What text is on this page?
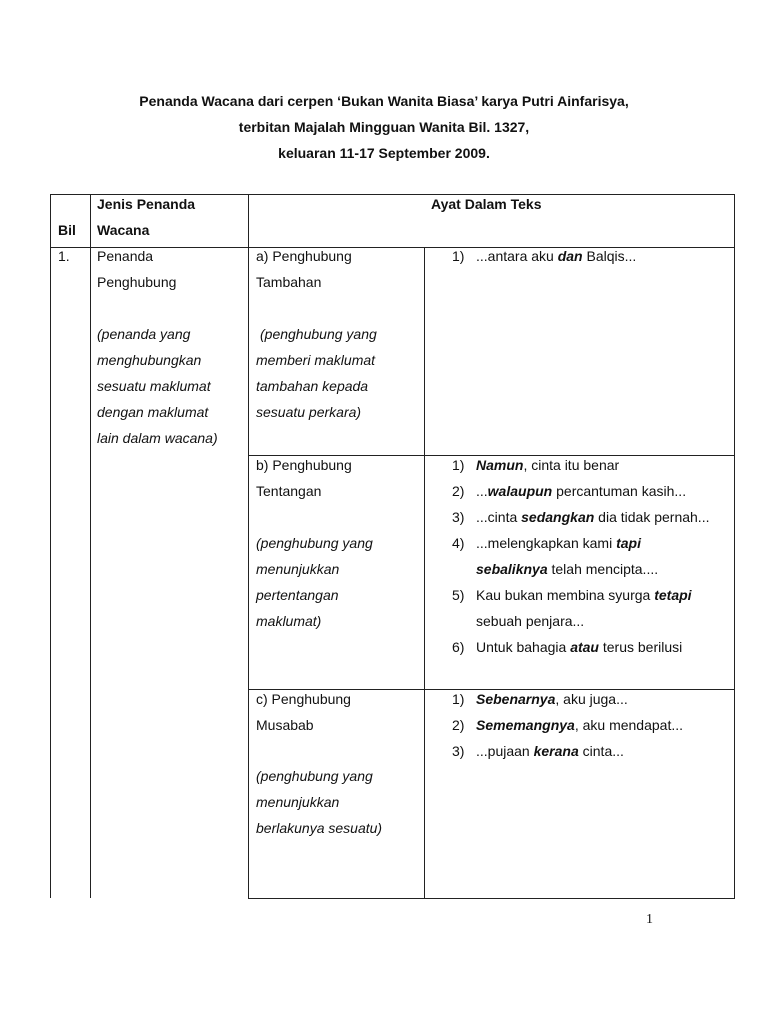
Penanda Wacana dari cerpen ‘Bukan Wanita Biasa’ karya Putri Ainfarisya,
terbitan Majalah Mingguan Wanita Bil. 1327,
keluaran 11-17 September 2009.
Bil
Jenis Penanda
Wacana
Ayat Dalam Teks
1. Penanda
Penghubung
(penanda yang
menghubungkan
sesuatu maklumat
dengan maklumat
lain dalam wacana)
a) Penghubung
Tambahan
(penghubung yang
memberi maklumat
tambahan kepada
sesuatu perkara)
1) ...antara aku dan Balqis...
b) Penghubung
Tentangan
(penghubung yang
menunjukkan
pertentangan
maklumat)
1) Namun, cinta itu benar
2) ...walaupun percantuman kasih...
3) ...cinta sedangkan dia tidak pernah...
4) ...melengkapkan kami tapi
sebaliknya telah mencipta....
5) Kau bukan membina syurga tetapi
sebuah penjara...
6) Untuk bahagia atau terus berilusi
c) Penghubung
Musabab
(penghubung yang
menunjukkan
berlakunya sesuatu)
1) Sebenarnya, aku juga...
2) Sememangnya, aku mendapat...
3) ...pujaan kerana cinta...
1
